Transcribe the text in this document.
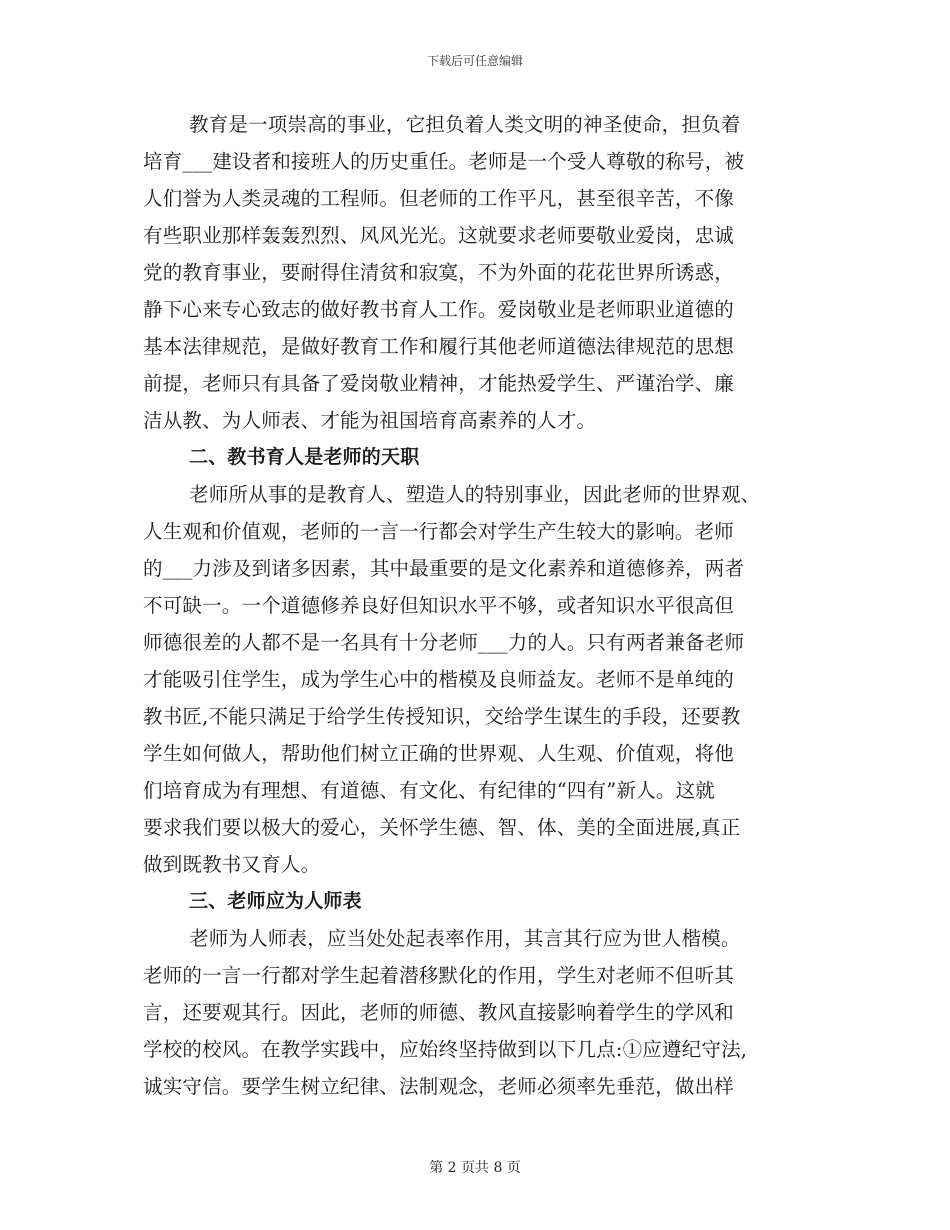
下载后可任意编辑
教育是一项崇高的事业，它担负着人类文明的神圣使命，担负着
培育___建设者和接班人的历史重任。老师是一个受人尊敬的称号，被
人们誉为人类灵魂的工程师。但老师的工作平凡，甚至很辛苦，不像
有些职业那样轰轰烈烈、风风光光。这就要求老师要敬业爱岗，忠诚
党的教育事业，要耐得住清贫和寂寞，不为外面的花花世界所诱惑，
静下心来专心致志的做好教书育人工作。爱岗敬业是老师职业道德的
基本法律规范，是做好教育工作和履行其他老师道德法律规范的思想
前提，老师只有具备了爱岗敬业精神，才能热爱学生、严谨治学、廉
洁从教、为人师表、才能为祖国培育高素养的人才。
二、教书育人是老师的天职
老师所从事的是教育人、塑造人的特别事业，因此老师的世界观、
人生观和价值观，老师的一言一行都会对学生产生较大的影响。老师
的___力涉及到诸多因素，其中最重要的是文化素养和道德修养，两者
不可缺一。一个道德修养良好但知识水平不够，或者知识水平很高但
师德很差的人都不是一名具有十分老师___力的人。只有两者兼备老师
才能吸引住学生，成为学生心中的楷模及良师益友。老师不是单纯的
教书匠,不能只满足于给学生传授知识，交给学生谋生的手段，还要教
学生如何做人，帮助他们树立正确的世界观、人生观、价值观，将他
们培育成为有理想、有道德、有文化、有纪律的“四有”新人。这就
要求我们要以极大的爱心，关怀学生德、智、体、美的全面进展,真正
做到既教书又育人。
三、老师应为人师表
老师为人师表，应当处处起表率作用，其言其行应为世人楷模。
老师的一言一行都对学生起着潜移默化的作用，学生对老师不但听其
言，还要观其行。因此，老师的师德、教风直接影响着学生的学风和
学校的校风。在教学实践中，应始终坚持做到以下几点:①应遵纪守法,
诚实守信。要学生树立纪律、法制观念，老师必须率先垂范，做出样
第 2 页共 8 页
